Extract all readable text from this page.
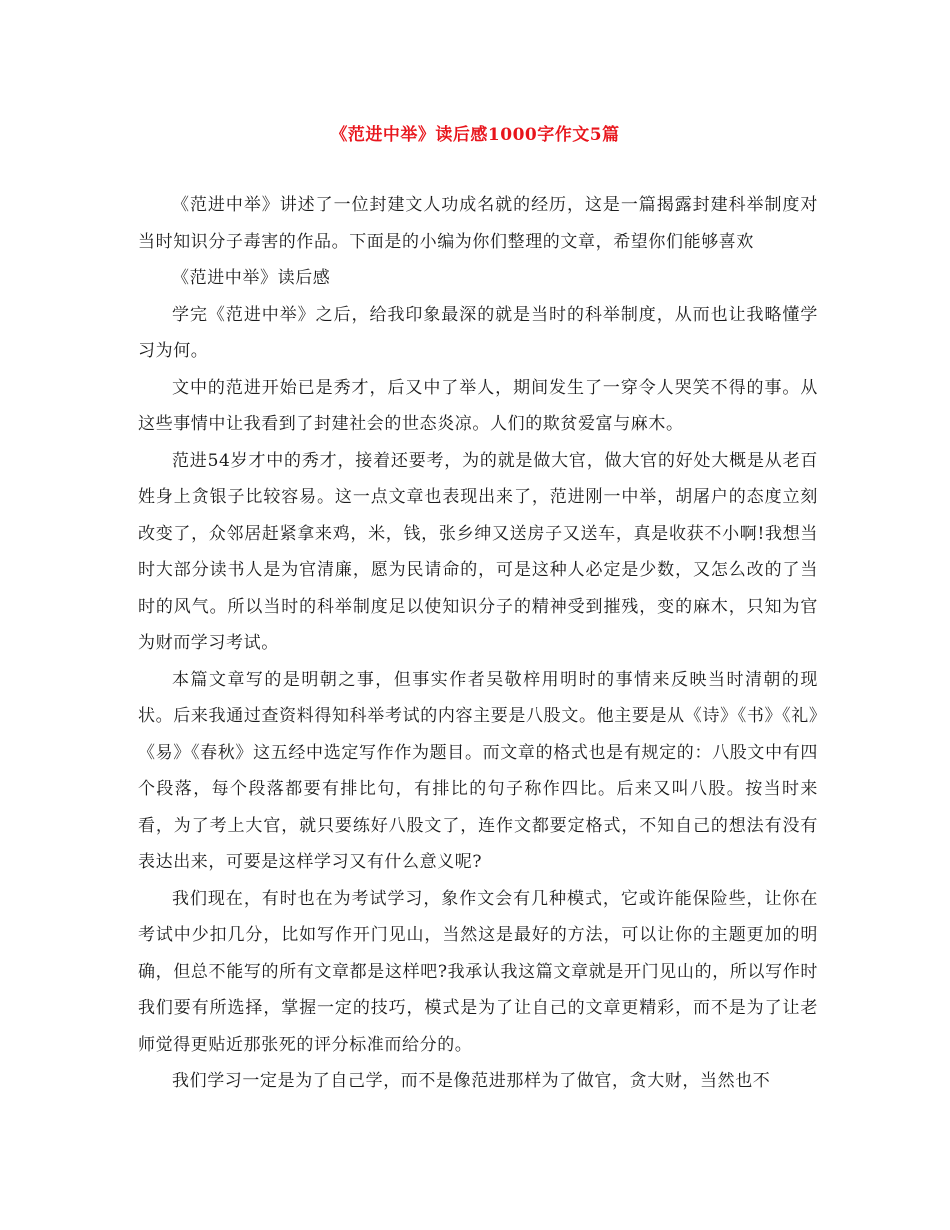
《范进中举》读后感1000字作文5篇

《范进中举》讲述了一位封建文人功成名就的经历，这是一篇揭露封建科举制度对当时知识分子毒害的作品。下面是的小编为你们整理的文章，希望你们能够喜欢

《范进中举》读后感

学完《范进中举》之后，给我印象最深的就是当时的科举制度，从而也让我略懂学习为何。

文中的范进开始已是秀才，后又中了举人，期间发生了一穿令人哭笑不得的事。从这些事情中让我看到了封建社会的世态炎凉。人们的欺贫爱富与麻木。

范进54岁才中的秀才，接着还要考，为的就是做大官，做大官的好处大概是从老百姓身上贪银子比较容易。这一点文章也表现出来了，范进刚一中举，胡屠户的态度立刻改变了，众邻居赶紧拿来鸡，米，钱，张乡绅又送房子又送车，真是收获不小啊!我想当时大部分读书人是为官清廉，愿为民请命的，可是这种人必定是少数，又怎么改的了当时的风气。所以当时的科举制度足以使知识分子的精神受到摧残，变的麻木，只知为官为财而学习考试。

本篇文章写的是明朝之事，但事实作者吴敬梓用明时的事情来反映当时清朝的现状。后来我通过查资料得知科举考试的内容主要是八股文。他主要是从《诗》《书》《礼》《易》《春秋》这五经中选定写作作为题目。而文章的格式也是有规定的：八股文中有四个段落，每个段落都要有排比句，有排比的句子称作四比。后来又叫八股。按当时来看，为了考上大官，就只要练好八股文了，连作文都要定格式，不知自己的想法有没有表达出来，可要是这样学习又有什么意义呢?

我们现在，有时也在为考试学习，象作文会有几种模式，它或许能保险些，让你在考试中少扣几分，比如写作开门见山，当然这是最好的方法，可以让你的主题更加的明确，但总不能写的所有文章都是这样吧?我承认我这篇文章就是开门见山的，所以写作时我们要有所选择，掌握一定的技巧，模式是为了让自己的文章更精彩，而不是为了让老师觉得更贴近那张死的评分标准而给分的。

我们学习一定是为了自己学，而不是像范进那样为了做官，贪大财，当然也不
